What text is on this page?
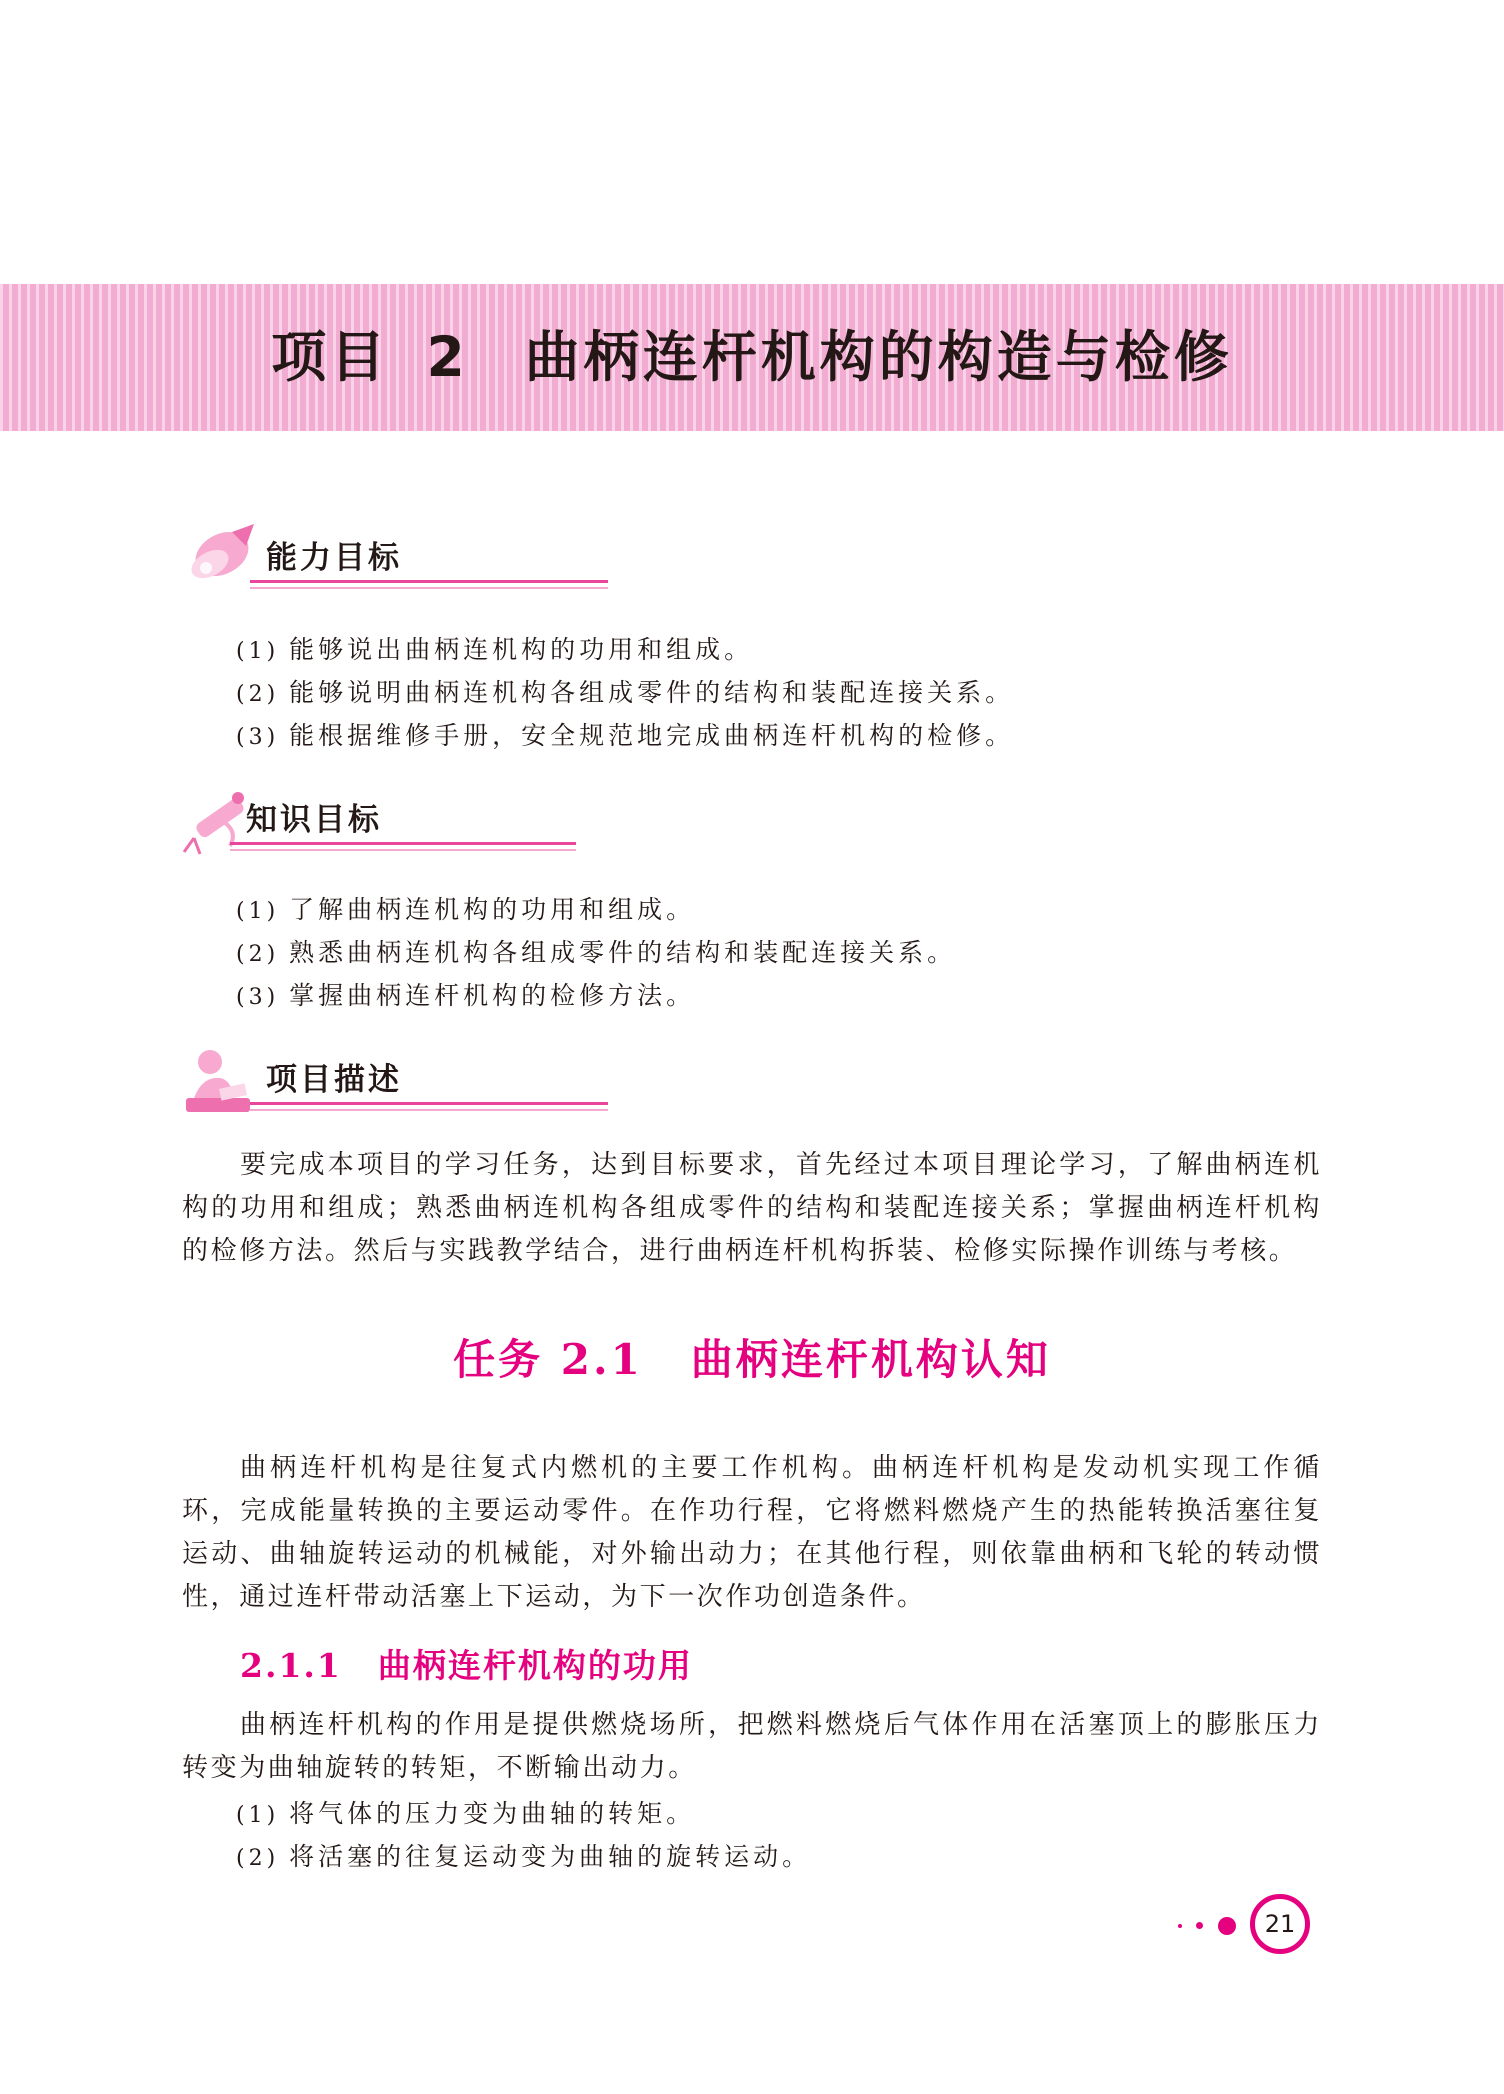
项目 2 曲柄连杆机构的构造与检修
能力目标
(1) 能够说出曲柄连机构的功用和组成。
(2) 能够说明曲柄连机构各组成零件的结构和装配连接关系。
(3) 能根据维修手册，安全规范地完成曲柄连杆机构的检修。
知识目标
(1) 了解曲柄连机构的功用和组成。
(2) 熟悉曲柄连机构各组成零件的结构和装配连接关系。
(3) 掌握曲柄连杆机构的检修方法。
项目描述
要完成本项目的学习任务，达到目标要求，首先经过本项目理论学习，了解曲柄连机构的功用和组成；熟悉曲柄连机构各组成零件的结构和装配连接关系；掌握曲柄连杆机构的检修方法。然后与实践教学结合，进行曲柄连杆机构拆装、检修实际操作训练与考核。
任务 2.1 曲柄连杆机构认知
曲柄连杆机构是往复式内燃机的主要工作机构。曲柄连杆机构是发动机实现工作循环，完成能量转换的主要运动零件。在作功行程，它将燃料燃烧产生的热能转换活塞往复运动、曲轴旋转运动的机械能，对外输出动力；在其他行程，则依靠曲柄和飞轮的转动惯性，通过连杆带动活塞上下运动，为下一次作功创造条件。
2.1.1 曲柄连杆机构的功用
曲柄连杆机构的作用是提供燃烧场所，把燃料燃烧后气体作用在活塞顶上的膨胀压力转变为曲轴旋转的转矩，不断输出动力。
(1) 将气体的压力变为曲轴的转矩。
(2) 将活塞的往复运动变为曲轴的旋转运动。
21
